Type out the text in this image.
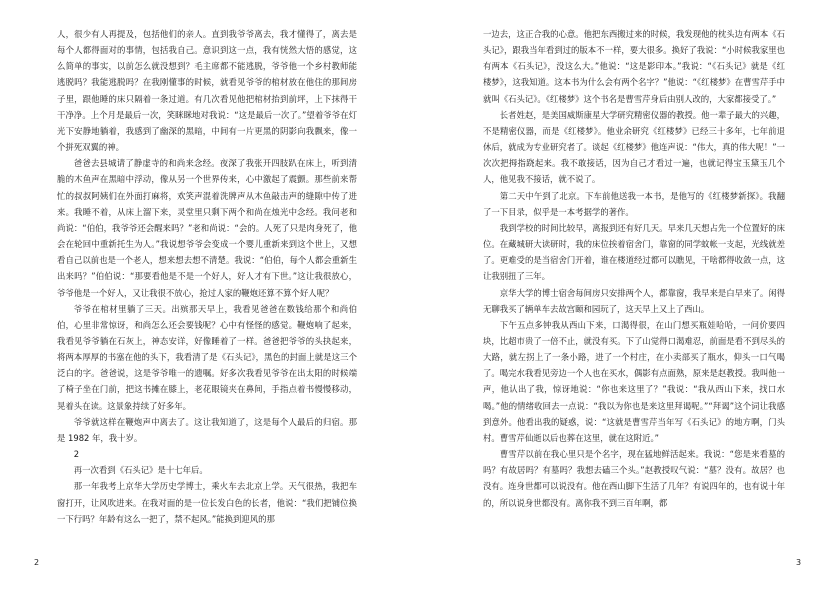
人，很少有人再提及，包括他们的亲人。直到我爷爷离去，我才懂得了，离去是每个人都得面对的事情，包括我自己。意识到这一点，我有恍然大悟的感觉，这么简单的事实，以前怎么就没想到？毛主席都不能逃脱，爷爷他一个乡村教师能逃脱吗？我能逃脱吗？在我刚懂事的时候，就看见爷爷的棺材放在他住的那间房子里，跟他睡的床只隔着一条过道。有几次看见他把棺材抬到前坪，上下抹得干干净净。上个月是最后一次，笑眯眯地对我说：“这是最后一次了。”望着爷爷在灯光下安静地躺着，我感到了幽深的黑暗，中间有一片更黑的阴影向我飘来，像一个拼死双翼的神。

爸爸去县城请了静虚寺的和尚来念经。夜深了我张开四肢趴在床上，听到清脆的木鱼声在黑暗中浮动，像从另一个世界传来，心中激起了震颤。那些前来帮忙的叔叔阿姨们在外面打麻将，欢笑声混着洗牌声从木鱼敲击声的缝隙中传了进来。我睡不着，从床上溜下来，灵堂里只剩下两个和尚在烛光中念经。我问老和尚说：“伯伯，我爷爷还会醒来吗？”老和尚说：“会的。人死了只是肉身死了，他会在轮回中重新托生为人。”我说想爷爷会变成一个婴儿重新来到这个世上，又想看自己以前也是一个老人，想来想去想不清楚。我说：“伯伯，每个人都会重新生出来吗？”伯伯说：“那要看他是不是一个好人，好人才有下世。”这让我很放心，爷爷他是一个好人，又让我很不放心，抢过人家的鞭炮还算不算个好人呢？

爷爷在棺材里躺了三天。出殡那天早上，我看见爸爸在数钱给那个和尚伯伯，心里非常惊讶，和尚怎么还会要钱呢？心中有怪怪的感觉。鞭炮响了起来，我看见爷爷躺在石灰上，神态安详，好像睡着了一样。爸爸把爷爷的头抉起来，将两本厚厚的书塞在他的头下，我看清了是《石头记》，黑色的封面上就是这三个泛白的字。爸爸说，这是爷爷唯一的遗嘱。好多次我看见爷爷在出太阳的时候端了椅子坐在门前，把这书摊在膝上，老花眼镜夹在鼻间，手指点着书慢慢移动，晃着头在读。这景象持续了好多年。

爷爷就这样在鞭炮声中离去了。这让我知道了，这是每个人最后的归宿。那是 1982 年，我十岁。

2

再一次看到《石头记》是十七年后。

那一年我考上京华大学历史学博士，乘火车去北京上学。天气很热，我把车窗打开，让风吹进来。在我对面的是一位长发白色的长者，他说：“我们把铺位换一下行吗？年龄有这么一把了，禁不起风。”能换到迎风的那

2

一边去，这正合我的心意。他把东西搬过来的时候，我发现他的枕头边有两本《石头记》，跟我当年看到过的版本不一样，要大很多。换好了我说：“小时候我家里也有两本《石头记》，没这么大。”他说：“这是影印本。”我说：“《石头记》就是《红楼梦》，这我知道。这本书为什么会有两个名字？”他说：“《红楼梦》在曹雪芹手中就叫《石头记》。《红楼梦》这个书名是曹雪芹身后由别人改的，大家都接受了。”

长者姓赵，是美国威斯康星大学研究精密仪器的教授。他一辈子最大的兴趣，不是精密仪器，而是《红楼梦》。他业余研究《红楼梦》已经三十多年，七年前退休后，就成为专业研究者了。谈起《红楼梦》他连声说：“伟大，真的伟大呢！”一次次把拇指跷起来。我不敢接话，因为自己才看过一遍，也就记得宝玉黛玉几个人，他见我不接话，就不说了。

第二天中午到了北京。下车前他送我一本书，是他写的《红楼梦新探》。我翻了一下目录，似乎是一本考据学的著作。

我到学校的时间比较早，离报到还有好几天。早来几天想占先一个位置好的床位。在藏城研大读研时，我的床位挨着宿舍门，靠窗的同学蚊帐一支起，光线就差了。更难受的是当宿舍门开着，谁在楼道经过都可以瞧见，干啥都得收敛一点，这让我别扭了三年。

京华大学的博士宿舍每间房只安排两个人，都靠窗，我早来是白早来了。闲得无聊我买了辆单车去故宫颐和园玩了，这天早上又上了西山。

下午五点多钟我从西山下来，口渴得很，在山门想买瓶娃哈哈，一问价要四块，比超市贵了一倍不止，就没有买。下了山觉得口渴难忍，前面是看不到尽头的大路，就左拐上了一条小路，进了一个村庄，在小卖部买了瓶水，仰头一口气喝了。喝完水我看见旁边一个人也在买水，偶影有点面熟，原来是赵教授。我叫他一声，他认出了我，惊讶地说：“你也来这里了？”我说：“我从西山下来，找口水喝。”他的情绪收回去一点说：“我以为你也是来这里拜谒呢。”“拜谒”这个词让我感到意外。他看出我的疑惑，说：“这就是曹雪芹当年写《石头记》的地方啊，门头村。曹雪芹仙逝以后也葬在这里，就在这附近。”

曹雪芹以前在我心里只是个名字，现在猛地鲜活起来。我说：“您是来看墓的吗？有故居吗？有墓吗？我想去磕三个头。”赵教授叹气说：“墓？没有。故居？也没有。连身世都可以说没有。他在西山脚下生活了几年？有说四年的，也有说十年的，所以说身世都没有。离你我不到三百年啊，都

3
